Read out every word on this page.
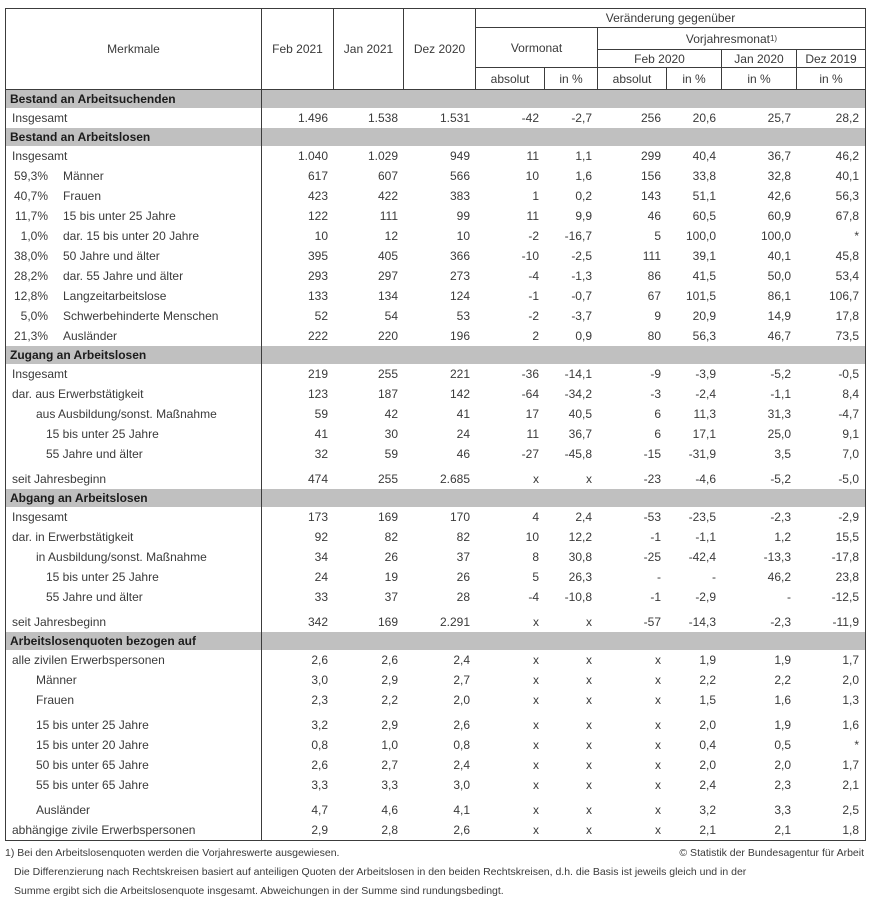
Merkmale	Feb 2021	Jan 2021	Dez 2020
Veränderung gegenüber
Vormonat
Vorjahresmonat 1)
Feb 2020	Jan 2020	Dez 2019
absolut	in %	absolut	in %	in %	in %
Bestand an Arbeitsuchenden
Insgesamt	1.496	1.538	1.531	-42	-2,7	256	20,6	25,7	28,2
Bestand an Arbeitslosen
Insgesamt	1.040	1.029	949	11	1,1	299	40,4	36,7	46,2
59,3% Männer	617	607	566	10	1,6	156	33,8	32,8	40,1
40,7% Frauen	423	422	383	1	0,2	143	51,1	42,6	56,3
11,7% 15 bis unter 25 Jahre	122	111	99	11	9,9	46	60,5	60,9	67,8
1,0% dar. 15 bis unter 20 Jahre	10	12	10	-2	-16,7	5	100,0	100,0	*
38,0% 50 Jahre und älter	395	405	366	-10	-2,5	111	39,1	40,1	45,8
28,2% dar. 55 Jahre und älter	293	297	273	-4	-1,3	86	41,5	50,0	53,4
12,8% Langzeitarbeitslose	133	134	124	-1	-0,7	67	101,5	86,1	106,7
5,0% Schwerbehinderte Menschen	52	54	53	-2	-3,7	9	20,9	14,9	17,8
21,3% Ausländer	222	220	196	2	0,9	80	56,3	46,7	73,5
Zugang an Arbeitslosen
Insgesamt	219	255	221	-36	-14,1	-9	-3,9	-5,2	-0,5
dar. aus Erwerbstätigkeit	123	187	142	-64	-34,2	-3	-2,4	-1,1	8,4
aus Ausbildung/sonst. Maßnahme	59	42	41	17	40,5	6	11,3	31,3	-4,7
15 bis unter 25 Jahre	41	30	24	11	36,7	6	17,1	25,0	9,1
55 Jahre und älter	32	59	46	-27	-45,8	-15	-31,9	3,5	7,0
seit Jahresbeginn	474	255	2.685	x	x	-23	-4,6	-5,2	-5,0
Abgang an Arbeitslosen
Insgesamt	173	169	170	4	2,4	-53	-23,5	-2,3	-2,9
dar. in Erwerbstätigkeit	92	82	82	10	12,2	-1	-1,1	1,2	15,5
in Ausbildung/sonst. Maßnahme	34	26	37	8	30,8	-25	-42,4	-13,3	-17,8
15 bis unter 25 Jahre	24	19	26	5	26,3	-	-	46,2	23,8
55 Jahre und älter	33	37	28	-4	-10,8	-1	-2,9	-	-12,5
seit Jahresbeginn	342	169	2.291	x	x	-57	-14,3	-2,3	-11,9
Arbeitslosenquoten bezogen auf
alle zivilen Erwerbspersonen	2,6	2,6	2,4	x	x	x	1,9	1,9	1,7
Männer	3,0	2,9	2,7	x	x	x	2,2	2,2	2,0
Frauen	2,3	2,2	2,0	x	x	x	1,5	1,6	1,3
15 bis unter 25 Jahre	3,2	2,9	2,6	x	x	x	2,0	1,9	1,6
15 bis unter 20 Jahre	0,8	1,0	0,8	x	x	x	0,4	0,5	*
50 bis unter 65 Jahre	2,6	2,7	2,4	x	x	x	2,0	2,0	1,7
55 bis unter 65 Jahre	3,3	3,3	3,0	x	x	x	2,4	2,3	2,1
Ausländer	4,7	4,6	4,1	x	x	x	3,2	3,3	2,5
abhängige zivile Erwerbspersonen	2,9	2,8	2,6	x	x	x	2,1	2,1	1,8
1) Bei den Arbeitslosenquoten werden die Vorjahreswerte ausgewiesen.	© Statistik der Bundesagentur für Arbeit
Die Differenzierung nach Rechtskreisen basiert auf anteiligen Quoten der Arbeitslosen in den beiden Rechtskreisen, d.h. die Basis ist jeweils gleich und in der
Summe ergibt sich die Arbeitslosenquote insgesamt. Abweichungen in der Summe sind rundungsbedingt.
